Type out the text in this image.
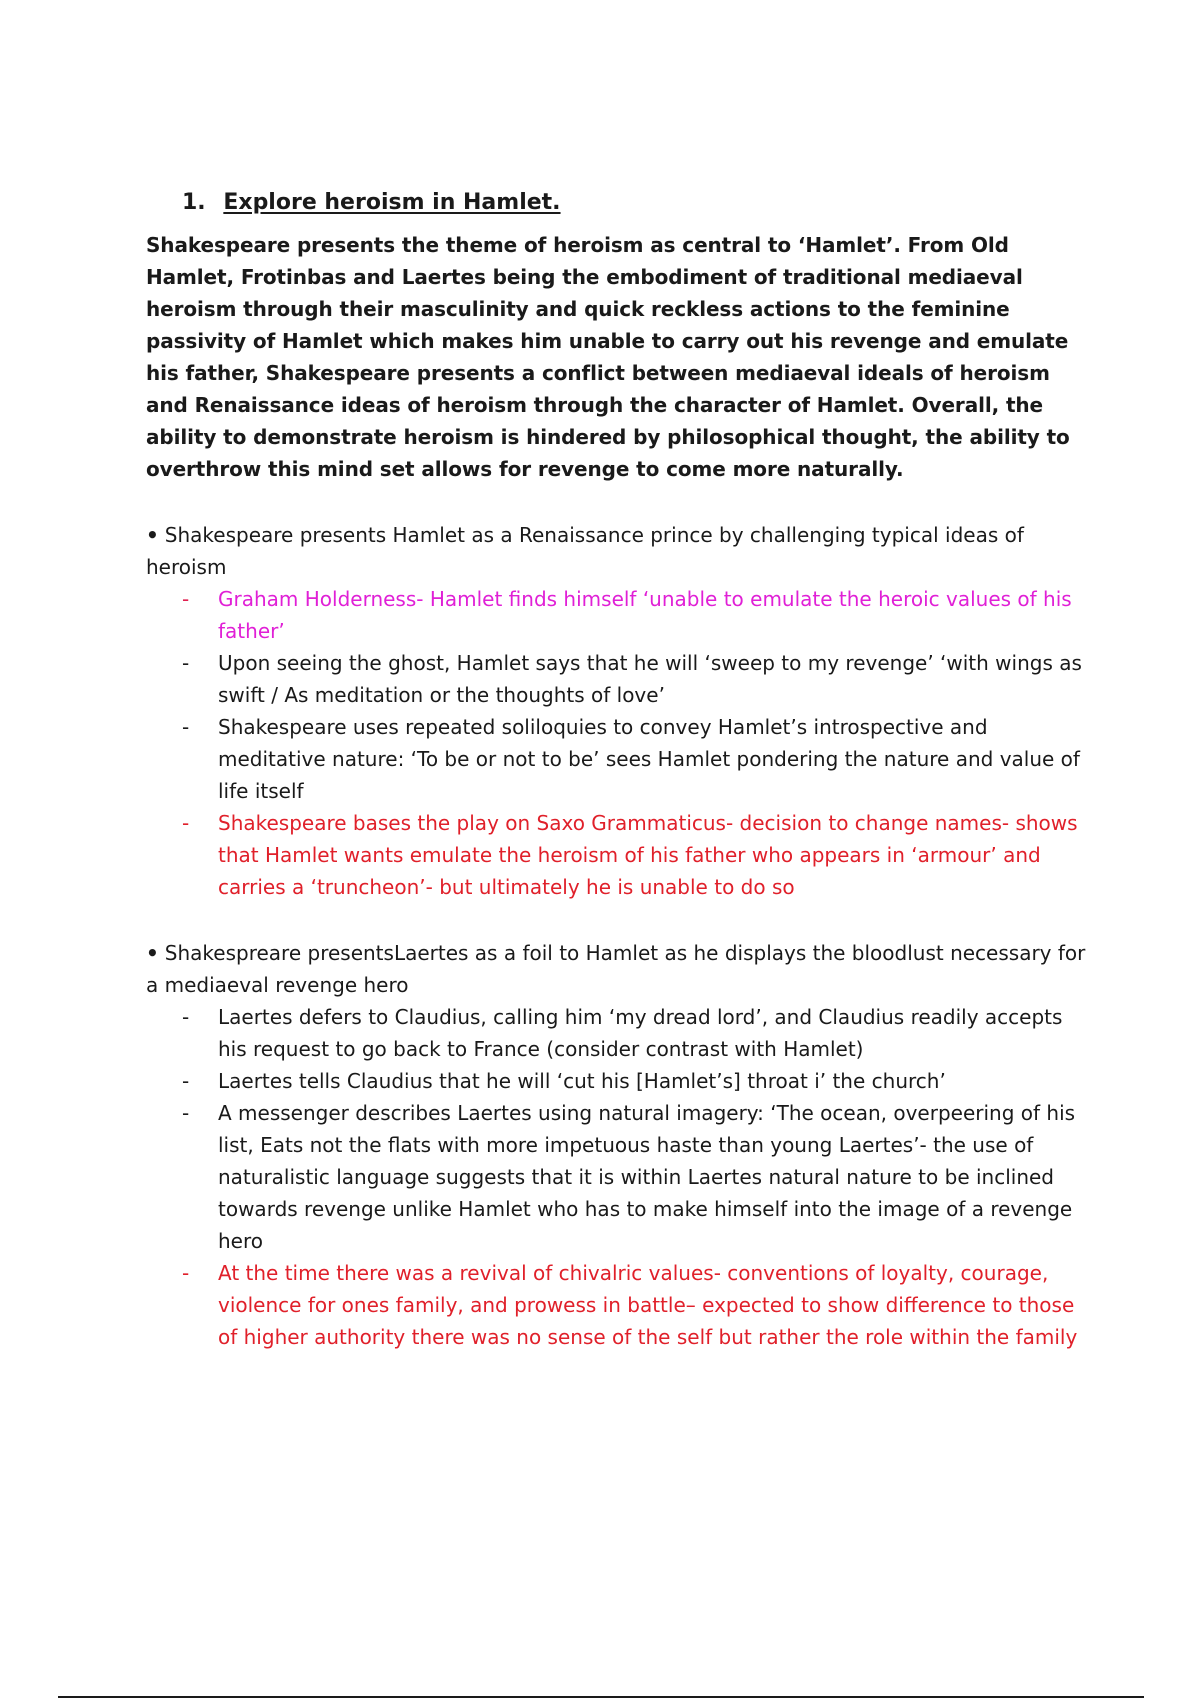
1. Explore heroism in Hamlet.

Shakespeare presents the theme of heroism as central to ‘Hamlet’. From Old Hamlet, Frotinbas and Laertes being the embodiment of traditional mediaeval heroism through their masculinity and quick reckless actions to the feminine passivity of Hamlet which makes him unable to carry out his revenge and emulate his father, Shakespeare presents a conflict between mediaeval ideals of heroism and Renaissance ideas of heroism through the character of Hamlet. Overall, the ability to demonstrate heroism is hindered by philosophical thought, the ability to overthrow this mind set allows for revenge to come more naturally.

• Shakespeare presents Hamlet as a Renaissance prince by challenging typical ideas of heroism

- Graham Holderness- Hamlet finds himself ‘unable to emulate the heroic values of his father’
- Upon seeing the ghost, Hamlet says that he will ‘sweep to my revenge’ ‘with wings as swift / As meditation or the thoughts of love’
- Shakespeare uses repeated soliloquies to convey Hamlet’s introspective and meditative nature: ‘To be or not to be’ sees Hamlet pondering the nature and value of life itself
- Shakespeare bases the play on Saxo Grammaticus- decision to change names- shows that Hamlet wants emulate the heroism of his father who appears in ‘armour’ and carries a ‘truncheon’- but ultimately he is unable to do so

• Shakespreare presentsLaertes as a foil to Hamlet as he displays the bloodlust necessary for a mediaeval revenge hero

- Laertes defers to Claudius, calling him ‘my dread lord’, and Claudius readily accepts his request to go back to France (consider contrast with Hamlet)
- Laertes tells Claudius that he will ‘cut his [Hamlet’s] throat i’ the church’
- A messenger describes Laertes using natural imagery: ‘The ocean, overpeering of his list, Eats not the flats with more impetuous haste than young Laertes’- the use of naturalistic language suggests that it is within Laertes natural nature to be inclined towards revenge unlike Hamlet who has to make himself into the image of a revenge hero
- At the time there was a revival of chivalric values- conventions of loyalty, courage, violence for ones family, and prowess in battle– expected to show difference to those of higher authority there was no sense of the self but rather the role within the family
